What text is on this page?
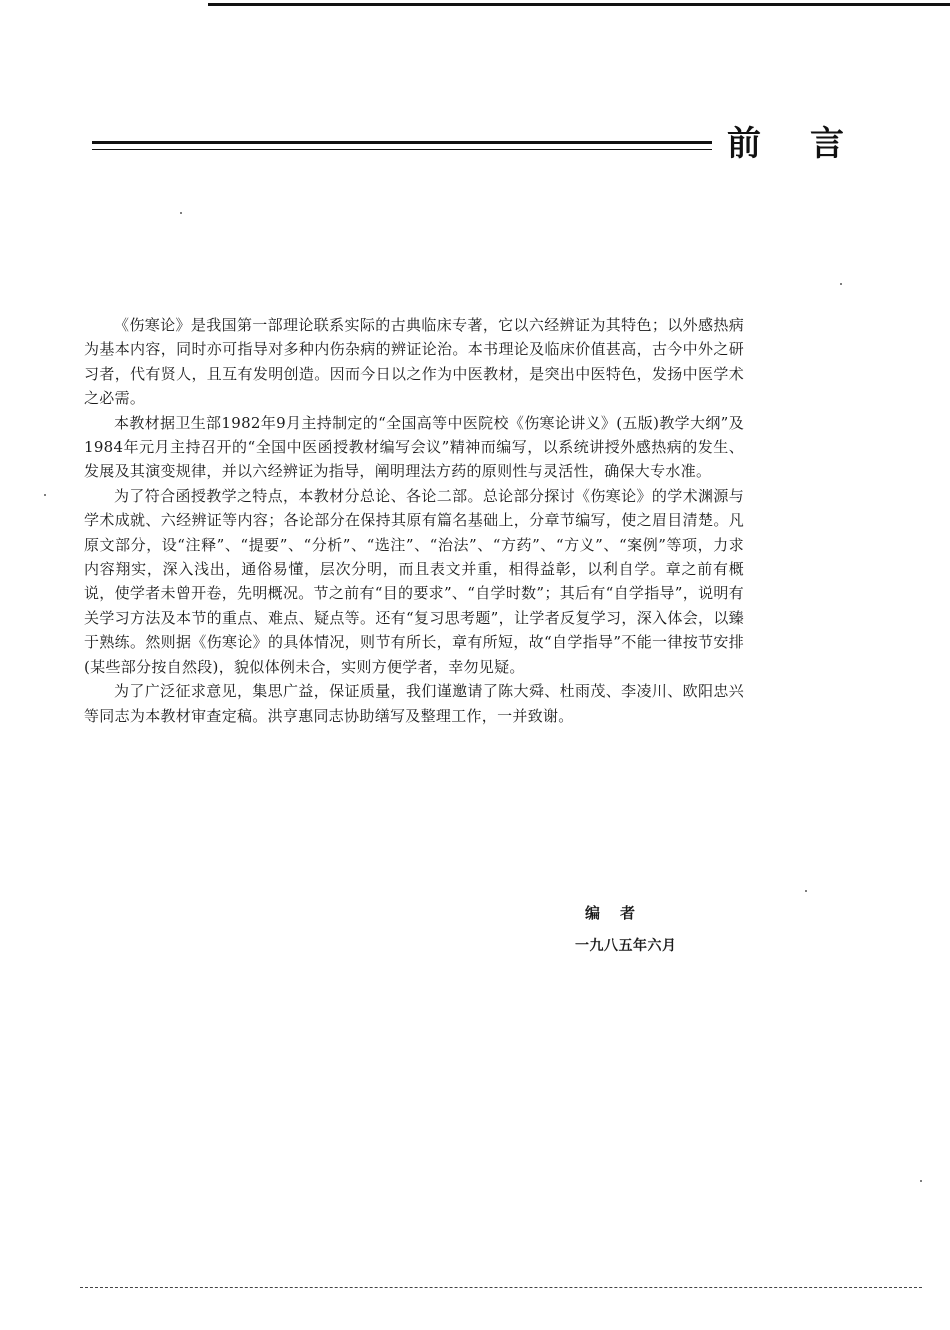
前 言

《伤寒论》是我国第一部理论联系实际的古典临床专著，它以六经辨证为其特色；以外感热病为基本内容，同时亦可指导对多种内伤杂病的辨证论治。本书理论及临床价值甚高，古今中外之研习者，代有贤人，且互有发明创造。因而今日以之作为中医教材，是突出中医特色，发扬中医学术之必需。

本教材据卫生部1982年9月主持制定的“全国高等中医院校《伤寒论讲义》(五版)教学大纲”及1984年元月主持召开的“全国中医函授教材编写会议”精神而编写，以系统讲授外感热病的发生、发展及其演变规律，并以六经辨证为指导，阐明理法方药的原则性与灵活性，确保大专水准。

为了符合函授教学之特点，本教材分总论、各论二部。总论部分探讨《伤寒论》的学术渊源与学术成就、六经辨证等内容；各论部分在保持其原有篇名基础上，分章节编写，使之眉目清楚。凡原文部分，设“注释”、“提要”、“分析”、“选注”、“治法”、“方药”、“方义”、“案例”等项，力求内容翔实，深入浅出，通俗易懂，层次分明，而且表文并重，相得益彰，以利自学。章之前有概说，使学者未曾开卷，先明概况。节之前有“目的要求”、“自学时数”；其后有“自学指导”，说明有关学习方法及本节的重点、难点、疑点等。还有“复习思考题”，让学者反复学习，深入体会，以臻于熟练。然则据《伤寒论》的具体情况，则节有所长，章有所短，故“自学指导”不能一律按节安排(某些部分按自然段)，貌似体例未合，实则方便学者，幸勿见疑。

为了广泛征求意见，集思广益，保证质量，我们谨邀请了陈大舜、杜雨茂、李凌川、欧阳忠兴等同志为本教材审查定稿。洪亨惠同志协助缮写及整理工作，一并致谢。

编者
一九八五年六月
